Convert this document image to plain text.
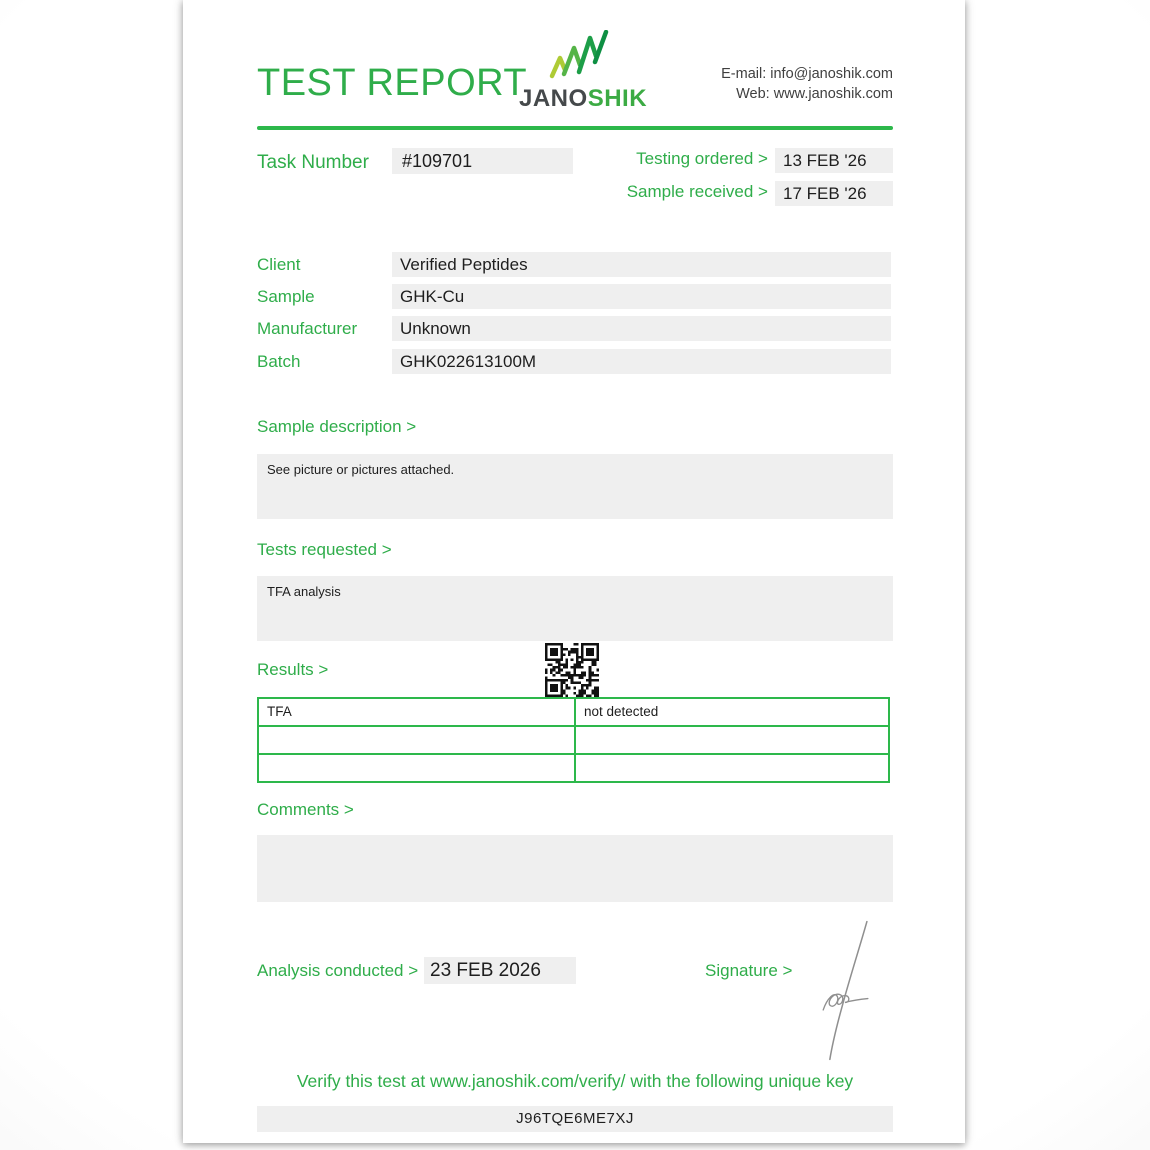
TEST REPORT
JANOSHIK
E-mail: info@janoshik.com
Web: www.janoshik.com
Task Number	#109701	Testing ordered > 13 FEB '26
Sample received > 17 FEB '26
Client	Verified Peptides
Sample	GHK-Cu
Manufacturer	Unknown
Batch	GHK022613100M
Sample description >
See picture or pictures attached.
Tests requested >
TFA analysis
Results >
TFA	not detected
Comments >
Analysis conducted > 23 FEB 2026	Signature >
Verify this test at www.janoshik.com/verify/ with the following unique key
J96TQE6ME7XJ
